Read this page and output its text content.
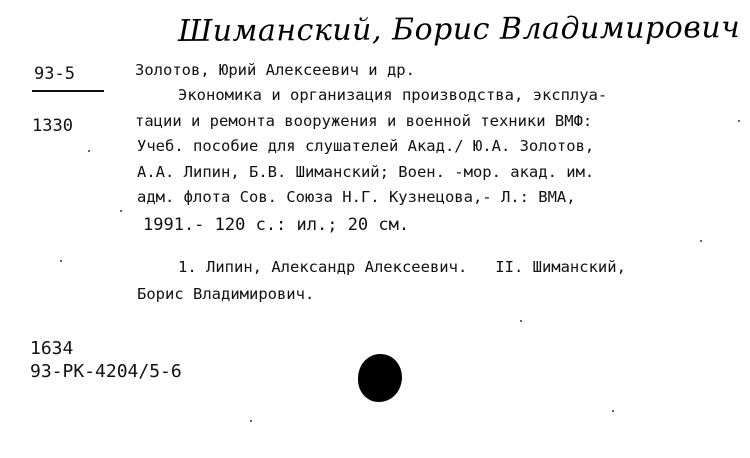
Шиманский, Борис Владимирович
93-5
1330
Золотов, Юрий Алексеевич и др.
Экономика и организация производства, эксплуа-
тации и ремонта вооружения и военной техники ВМФ:
Учеб. пособие для слушателей Акад./ Ю.А. Золотов,
А.А. Липин, Б.В. Шиманский; Воен. -мор. акад. им.
адм. флота Сов. Союза Н.Г. Кузнецова,- Л.: ВМА,
1991.- 120 с.: ил.; 20 см.
1. Липин, Александр Алексеевич.   II. Шиманский,
Борис Владимирович.
1634
93-РК-4204/5-6
